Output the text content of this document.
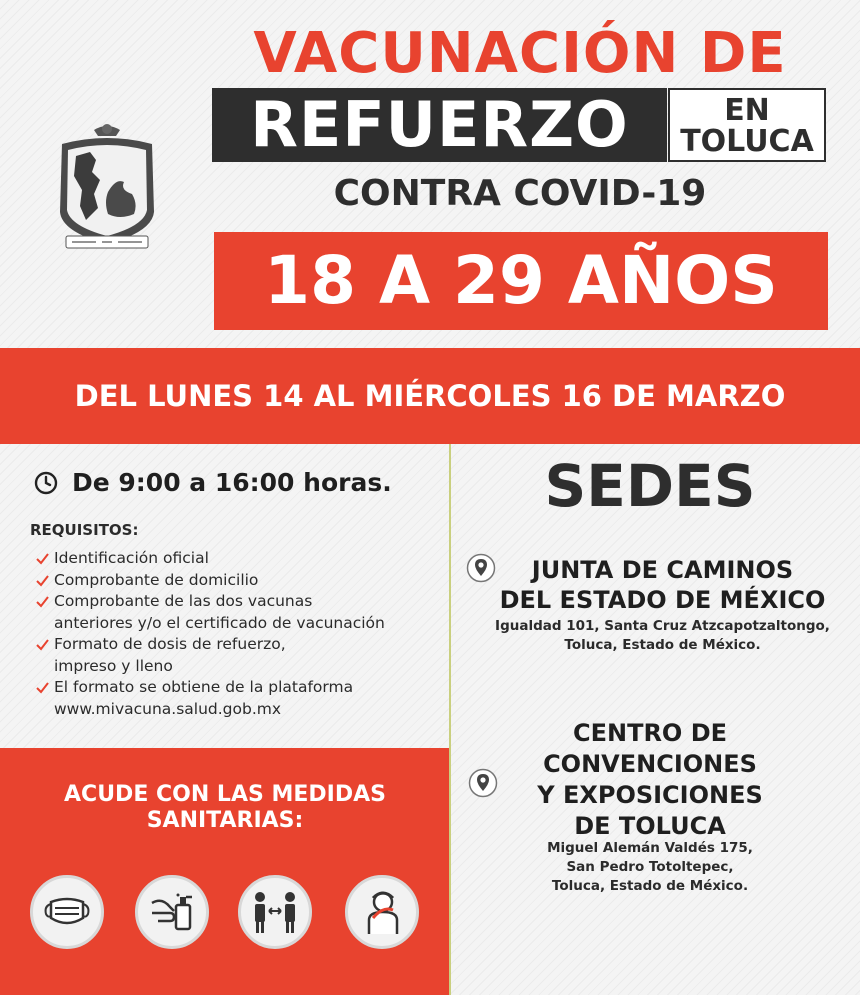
VACUNACIÓN DE
REFUERZO	EN
TOLUCA
CONTRA COVID-19
18 A 29 AÑOS
DEL LUNES 14 AL MIÉRCOLES 16 DE MARZO
De 9:00 a 16:00 horas.
REQUISITOS:
Identificación oficial
Comprobante de domicilio
Comprobante de las dos vacunas
anteriores y/o el certificado de vacunación
Formato de dosis de refuerzo,
impreso y lleno
El formato se obtiene de la plataforma
www.mivacuna.salud.gob.mx
ACUDE CON LAS MEDIDAS
SANITARIAS:
SEDES
JUNTA DE CAMINOS
DEL ESTADO DE MÉXICO
Igualdad 101, Santa Cruz Atzcapotzaltongo,
Toluca, Estado de México.
CENTRO DE
CONVENCIONES
Y EXPOSICIONES
DE TOLUCA
Miguel Alemán Valdés 175,
San Pedro Totoltepec,
Toluca, Estado de México.
